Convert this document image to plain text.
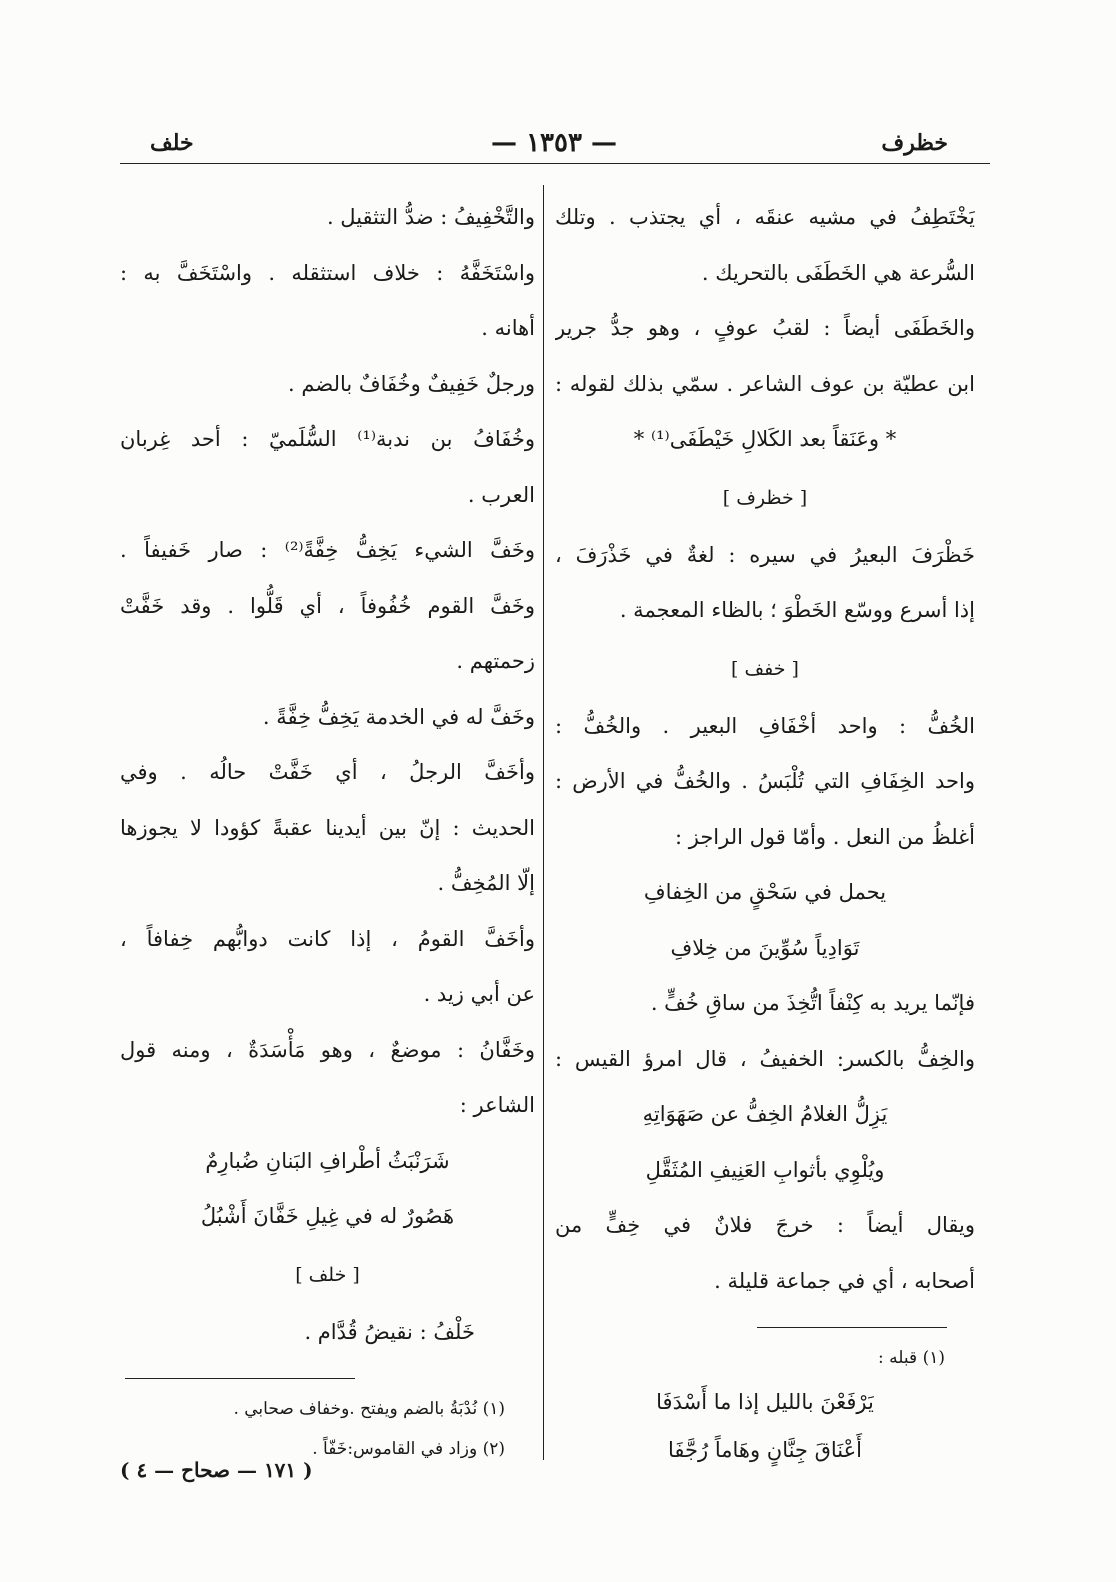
خظرف
— ١٣٥٣ —
خلف
يَخْتَطِفُ في مشيه عنقَه ، أي يجتذب . وتلك
السُّرعة هي الخَطَفَى بالتحريك .
والخَطَفَى أيضاً : لقبُ عوفٍ ، وهو جدُّ جرير
ابن عطيّة بن عوف الشاعر . سمّي بذلك لقوله :
* وعَنَقاً بعد الكَلالِ خَيْطَفَى⁽¹⁾ *
[ خظرف ]
خَظْرَفَ البعيرُ في سيره : لغةٌ في خَذْرَفَ ،
إذا أسرع ووسّع الخَطْوَ ؛ بالظاء المعجمة .
[ خفف ]
الخُفُّ : واحد أخْفَافِ البعير . والخُفُّ :
واحد الخِفَافِ التي تُلْبَسُ . والخُفُّ في الأرض :
أغلظُ من النعل . وأمّا قول الراجز :
يحمل في سَحْقٍ من الخِفافِ
تَوَادِياً سُوِّينَ من خِلافِ
فإنّما يريد به كِنْفاً اتُّخِذَ من ساقِ خُفٍّ .
والخِفُّ بالكسر: الخفيفُ ، قال امرؤ القيس :
يَزِلُّ الغلامُ الخِفُّ عن صَهَوَاتِهِ
ويُلْوِي بأثوابِ العَنِيفِ المُثَقَّلِ
ويقال أيضاً : خرجَ فلانٌ في خِفٍّ من
أصحابه ، أي في جماعة قليلة .
(١) قبله :
يَرْفَعْنَ بالليل إذا ما أَسْدَفَا
أَعْنَاقَ جِنَّانٍ وهَاماً رُجَّفَا
والتَّخْفِيفُ : ضدُّ التثقيل .
واسْتَخَفَّهُ : خلاف استثقله . واسْتَخَفَّ به :
أهانه .
ورجلٌ خَفِيفٌ وخُفَافٌ بالضم .
وخُفَافُ بن ندبة⁽¹⁾ السُّلَميّ : أحد غِربان
العرب .
وخَفَّ الشيء يَخِفُّ خِفَّةً⁽²⁾ : صار خَفيفاً .
وخَفَّ القوم خُفُوفاً ، أي قَلُّوا . وقد خَفَّتْ
زحمتهم .
وخَفَّ له في الخدمة يَخِفُّ خِفَّةً .
وأخَفَّ الرجلُ ، أي خَفَّتْ حالُه . وفي
الحديث : إنّ بين أيدينا عقبةً كؤودا لا يجوزها
إلّا المُخِفُّ .
وأخَفَّ القومُ ، إذا كانت دوابُّهم خِفافاً ،
عن أبي زيد .
وخَفَّانُ : موضعٌ ، وهو مَأْسَدَةٌ ، ومنه قول
الشاعر :
شَرَنْبَثُ أطْرافِ البَنانِ ضُبارِمٌ
هَصُورٌ له في غِيلِ خَفَّانَ أَشْبُلُ
[ خلف ]
خَلْفُ : نقيضُ قُدَّام .
(١) نُدْبَةُ بالضم ويفتح .وخفاف صحابي .
(٢) وزاد في القاموس:خَفّاً .
( ١٧١ — صحاح — ٤ )
